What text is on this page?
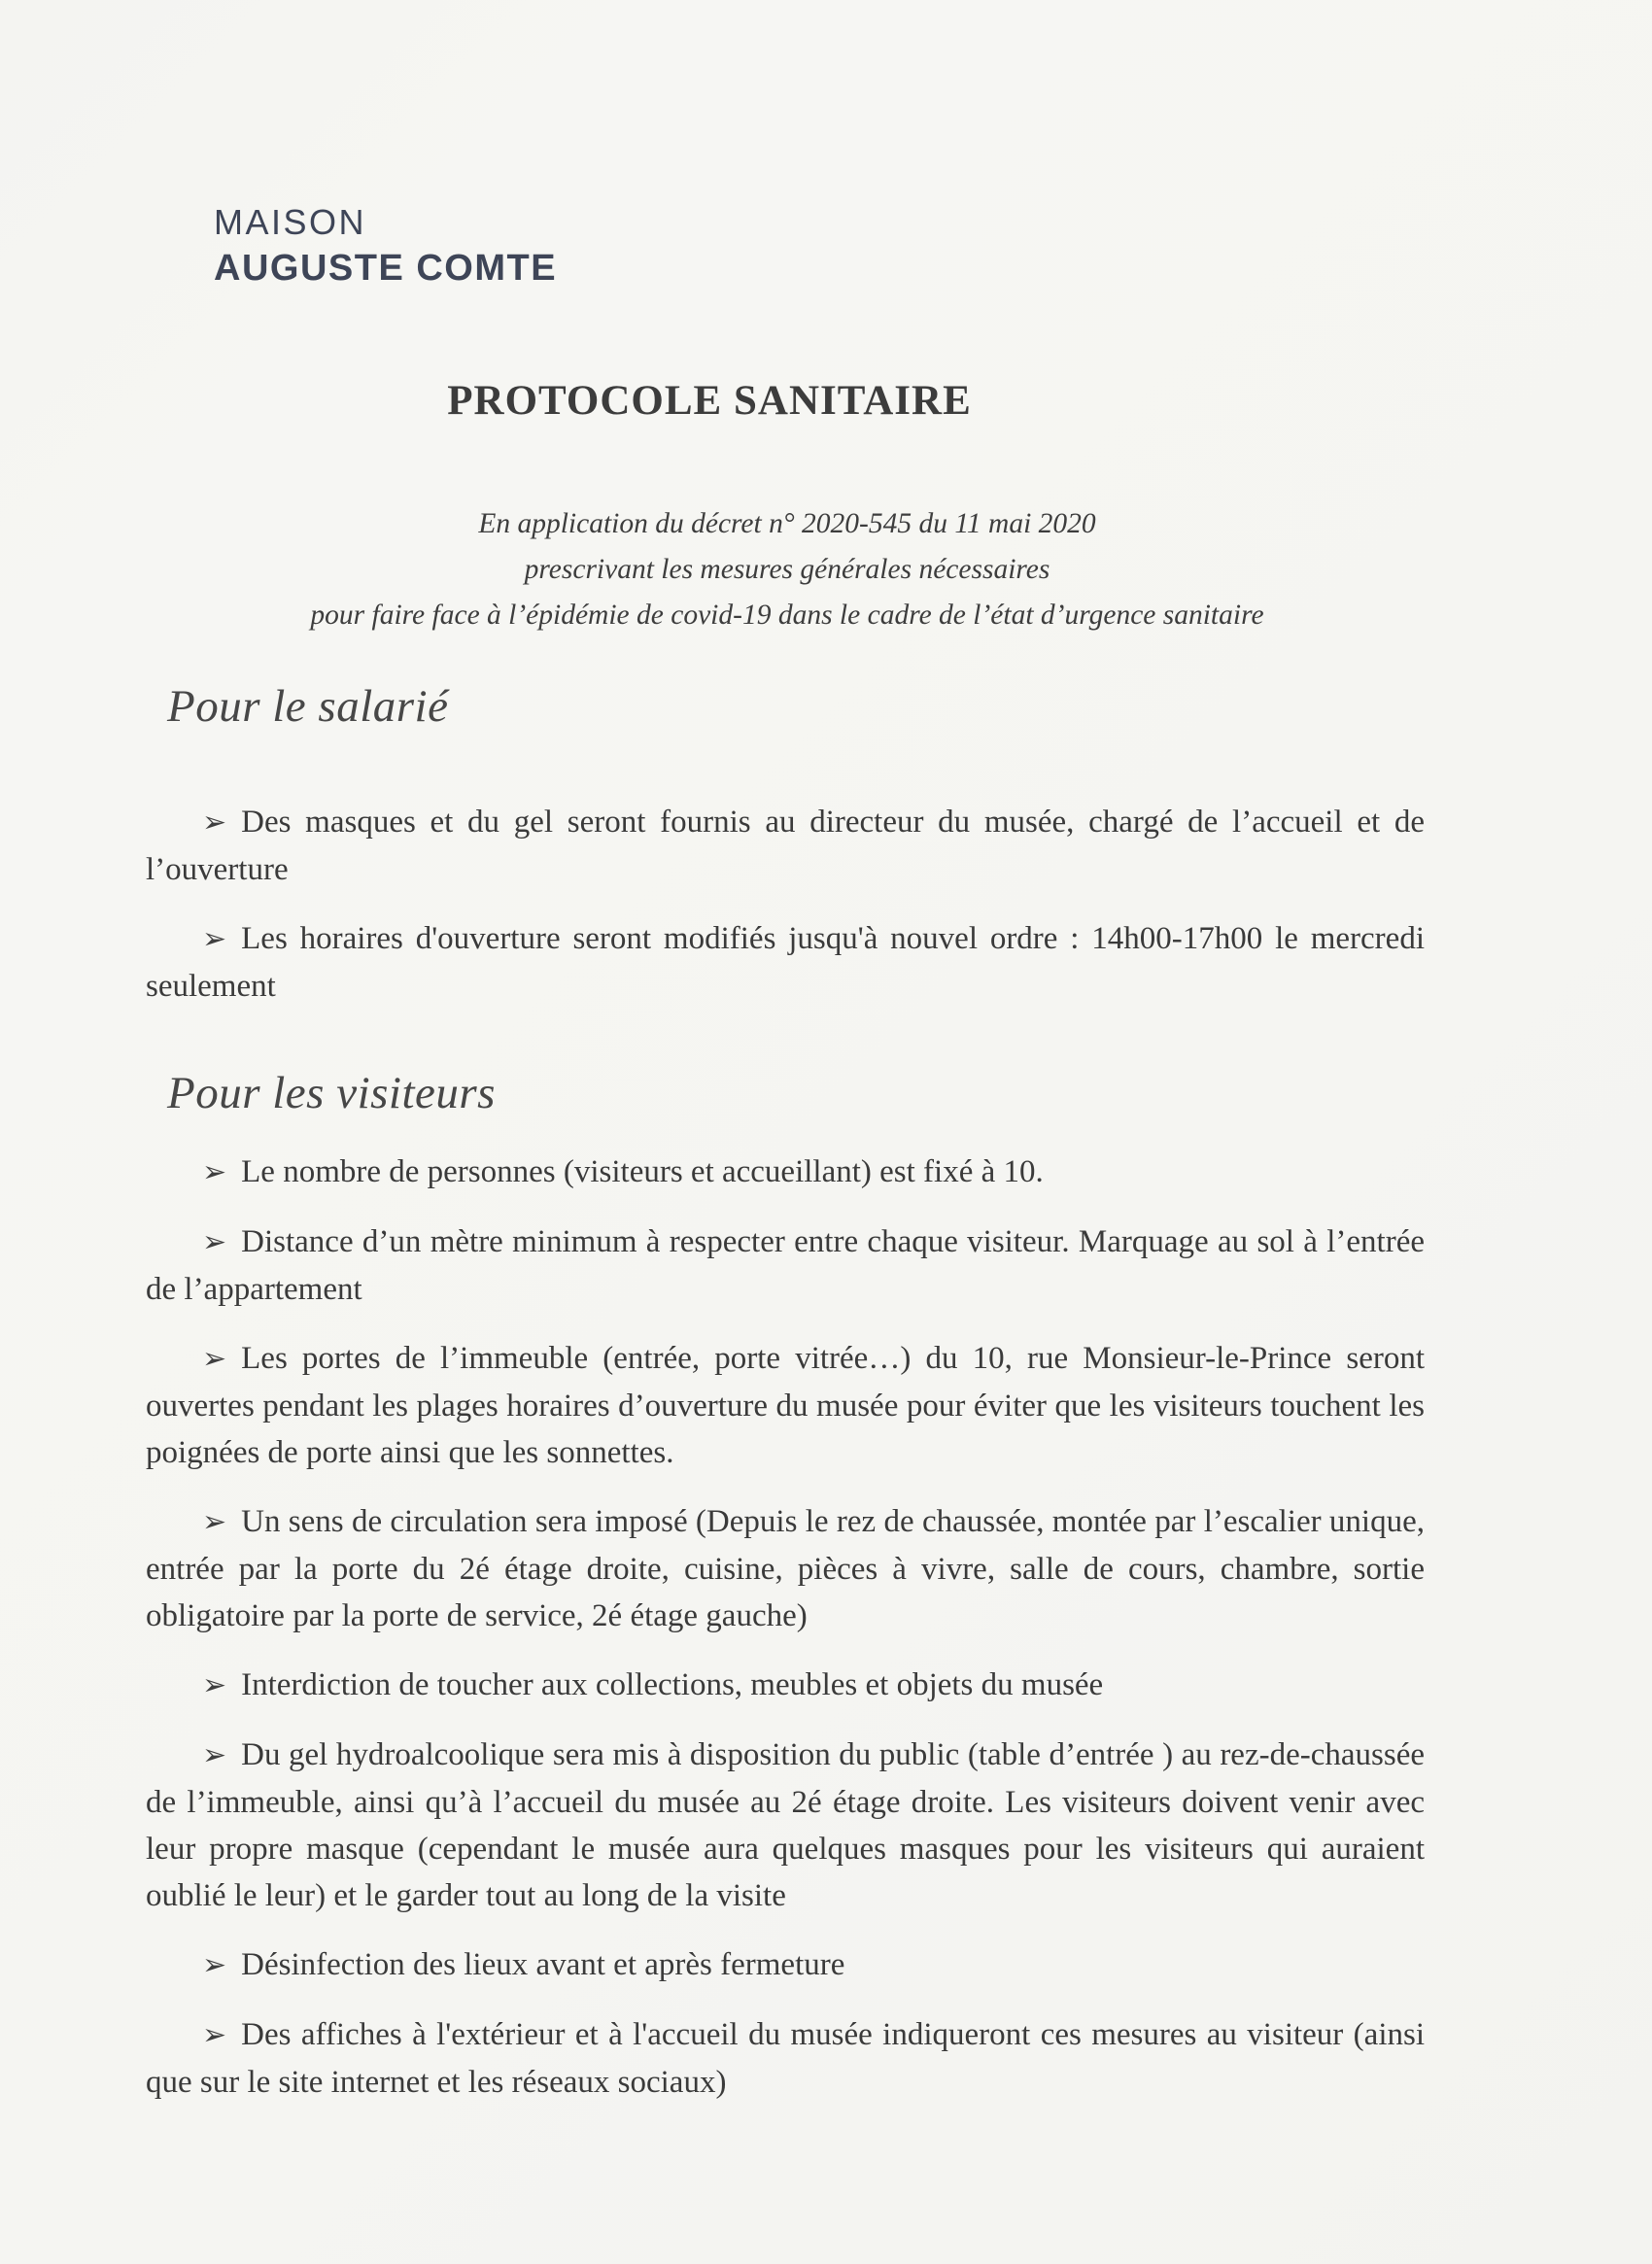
MAISON
AUGUSTE COMTE
PROTOCOLE SANITAIRE
En application du décret n° 2020-545 du 11 mai 2020
prescrivant les mesures générales nécessaires
pour faire face à l’épidémie de covid-19 dans le cadre de l’état d’urgence sanitaire
Pour le salarié

➢ Des masques et du gel seront fournis au directeur du musée, chargé de l’accueil et de l’ouverture

➢ Les horaires d'ouverture seront modifiés jusqu'à nouvel ordre : 14h00-17h00 le mercredi seulement

Pour les visiteurs

➢ Le nombre de personnes (visiteurs et accueillant) est fixé à 10.

➢ Distance d’un mètre minimum à respecter entre chaque visiteur. Marquage au sol à l’entrée de l’appartement

➢ Les portes de l’immeuble (entrée, porte vitrée…) du 10, rue Monsieur-le-Prince seront ouvertes pendant les plages horaires d’ouverture du musée pour éviter que les visiteurs touchent les poignées de porte ainsi que les sonnettes.

➢ Un sens de circulation sera imposé (Depuis le rez de chaussée, montée par l’escalier unique, entrée par la porte du 2é étage droite, cuisine, pièces à vivre, salle de cours, chambre, sortie obligatoire par la porte de service, 2é étage gauche)

➢ Interdiction de toucher aux collections, meubles et objets du musée

➢ Du gel hydroalcoolique sera mis à disposition du public (table d’entrée ) au rez-de-chaussée de l’immeuble, ainsi qu’à l’accueil du musée au 2é étage droite. Les visiteurs doivent venir avec leur propre masque (cependant le musée aura quelques masques pour les visiteurs qui auraient oublié le leur) et le garder tout au long de la visite

➢ Désinfection des lieux avant et après fermeture

➢ Des affiches à l'extérieur et à l'accueil du musée indiqueront ces mesures au visiteur (ainsi que sur le site internet et les réseaux sociaux)
